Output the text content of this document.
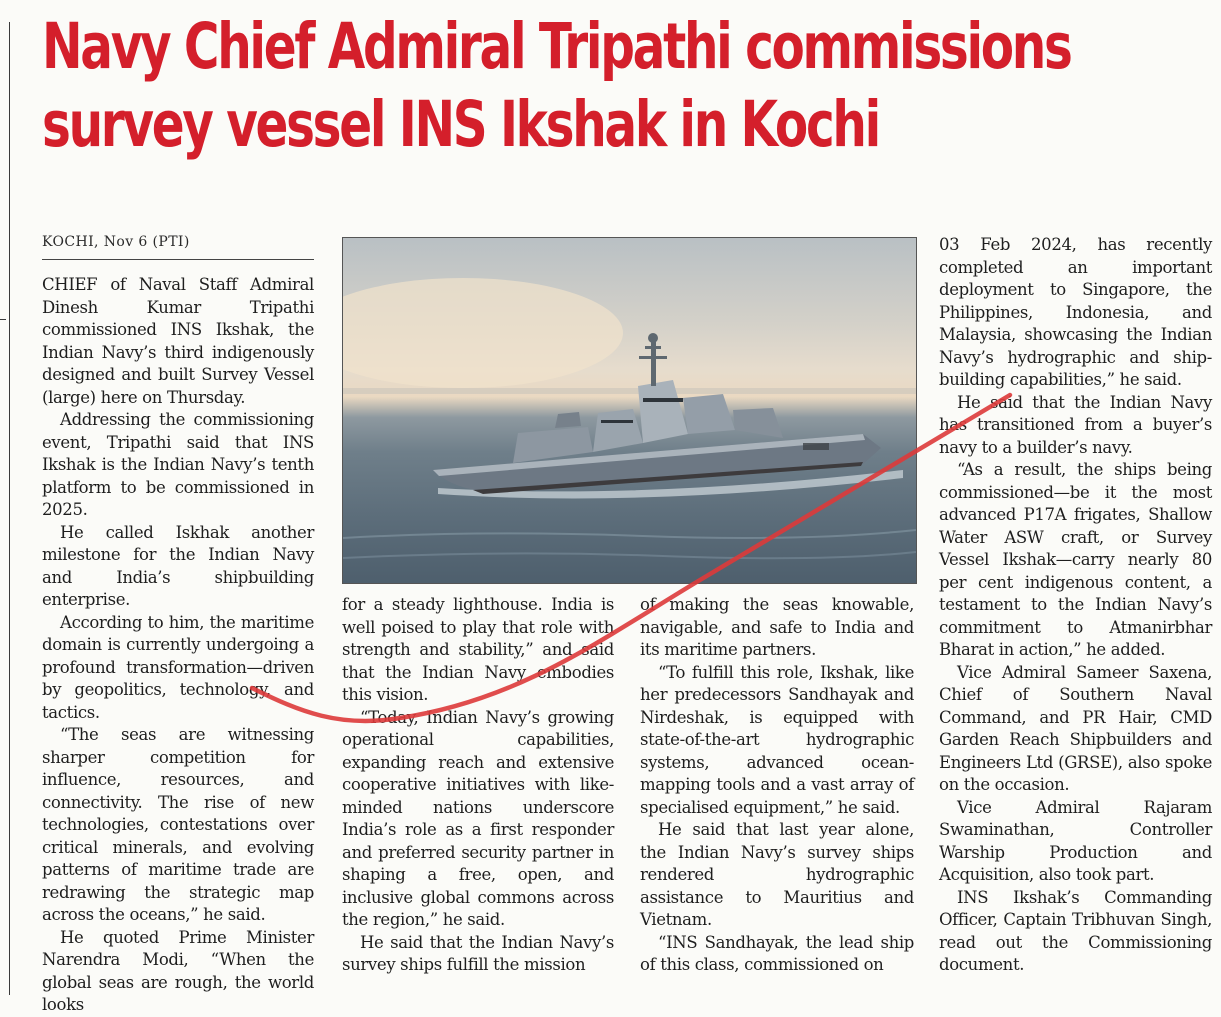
Navy Chief Admiral Tripathi commissions
survey vessel INS Ikshak in Kochi
KOCHI, Nov 6 (PTI)

CHIEF of Naval Staff Admiral Dinesh Kumar Tripathi commissioned INS Ikshak, the Indian Navy’s third indigenously designed and built Survey Vessel (large) here on Thursday.

Addressing the commissioning event, Tripathi said that INS Ikshak is the Indian Navy’s tenth platform to be commissioned in 2025.

He called Iskhak another milestone for the Indian Navy and India’s shipbuilding enterprise.

According to him, the maritime domain is currently undergoing a profound transformation—driven by geopolitics, technology, and tactics.

“The seas are witnessing sharper competition for influence, resources, and connectivity. The rise of new technologies, contestations over critical minerals, and evolving patterns of maritime trade are redrawing the strategic map across the oceans,” he said.

He quoted Prime Minister Narendra Modi, “When the global seas are rough, the world looks

for a steady lighthouse. India is well poised to play that role with strength and stability,” and said that the Indian Navy embodies this vision.

“Today, Indian Navy’s growing operational capabilities, expanding reach and extensive cooperative initiatives with like-minded nations underscore India’s role as a first responder and preferred security partner in shaping a free, open, and inclusive global commons across the region,” he said.

He said that the Indian Navy’s survey ships fulfill the mission

of making the seas knowable, navigable, and safe to India and its maritime partners.

“To fulfill this role, Ikshak, like her predecessors Sandhayak and Nirdeshak, is equipped with state-of-the-art hydrographic systems, advanced ocean-mapping tools and a vast array of specialised equipment,” he said.

He said that last year alone, the Indian Navy’s survey ships rendered hydrographic assistance to Mauritius and Vietnam.

“INS Sandhayak, the lead ship of this class, commissioned on

03 Feb 2024, has recently completed an important deployment to Singapore, the Philippines, Indonesia, and Malaysia, showcasing the Indian Navy’s hydrographic and ship-building capabilities,” he said.

He said that the Indian Navy has transitioned from a buyer’s navy to a builder’s navy.

“As a result, the ships being commissioned—be it the most advanced P17A frigates, Shallow Water ASW craft, or Survey Vessel Ikshak—carry nearly 80 per cent indigenous content, a testament to the Indian Navy’s commitment to Atmanirbhar Bharat in action,” he added.

Vice Admiral Sameer Saxena, Chief of Southern Naval Command, and PR Hair, CMD Garden Reach Shipbuilders and Engineers Ltd (GRSE), also spoke on the occasion.

Vice Admiral Rajaram Swaminathan, Controller Warship Production and Acquisition, also took part.

INS Ikshak’s Commanding Officer, Captain Tribhuvan Singh, read out the Commissioning document.
